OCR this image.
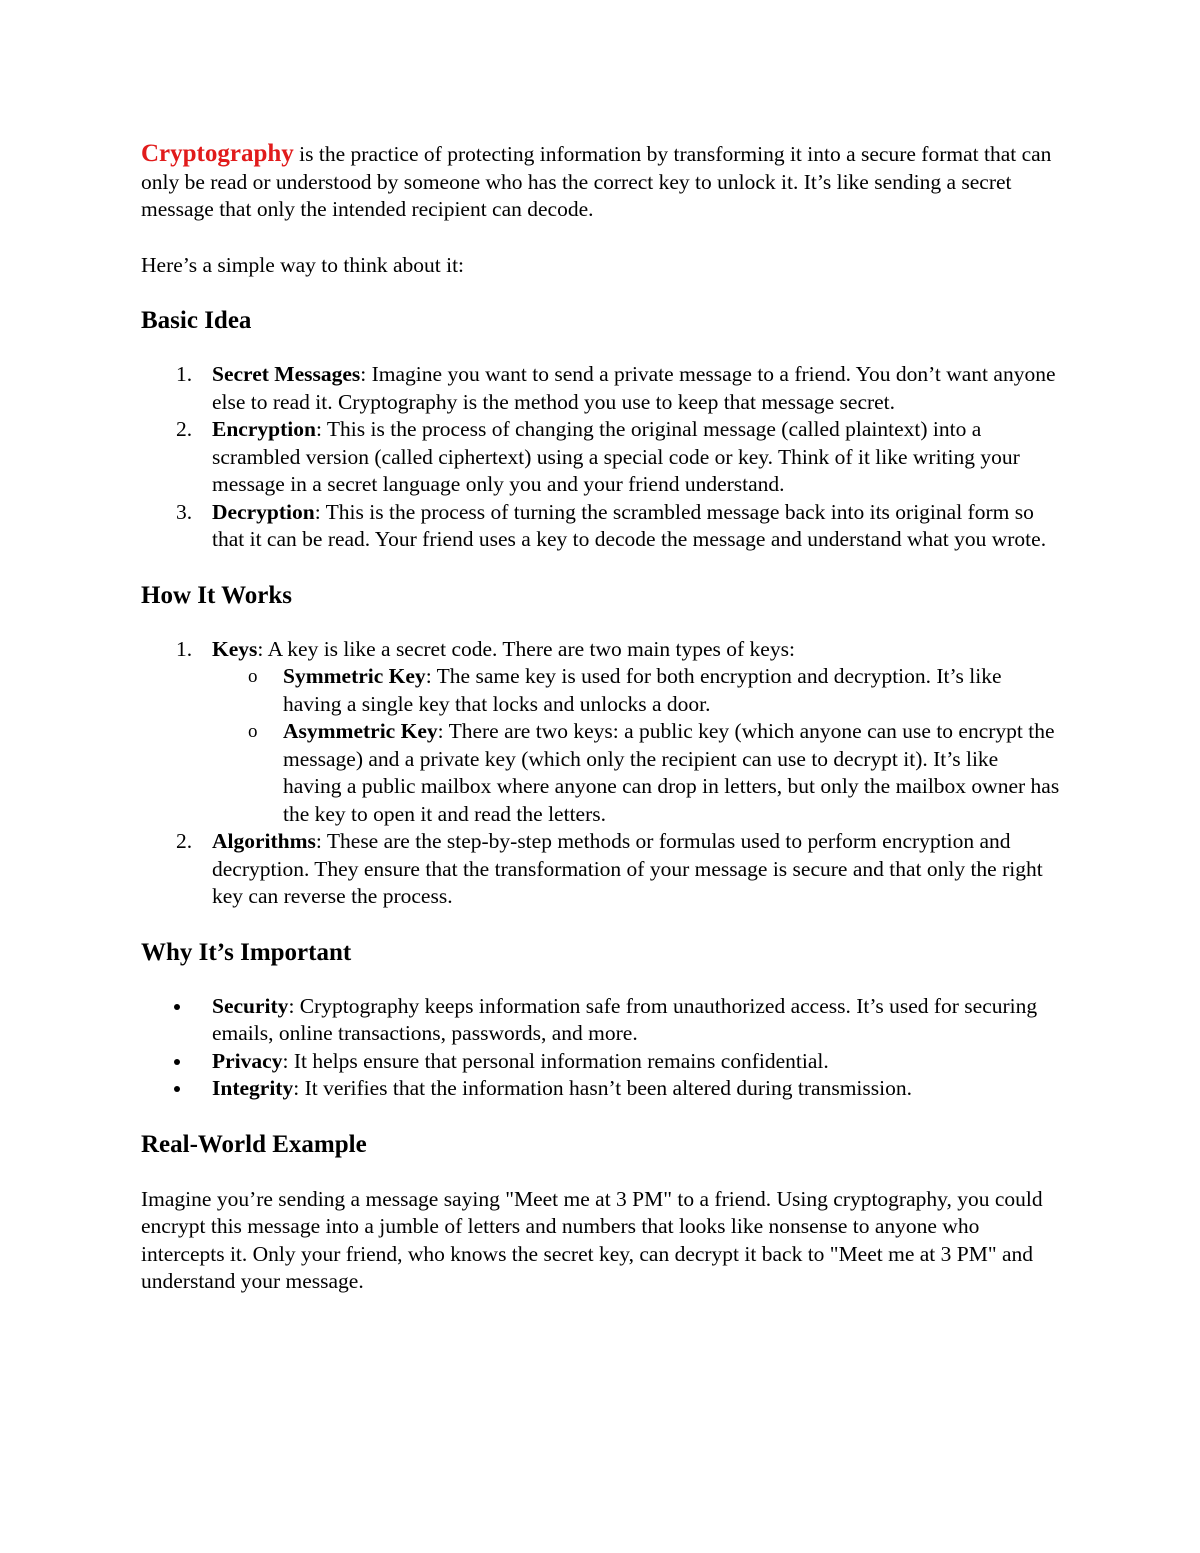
Cryptography is the practice of protecting information by transforming it into a secure format that can only be read or understood by someone who has the correct key to unlock it. It’s like sending a secret message that only the intended recipient can decode.

Here’s a simple way to think about it:

Basic Idea
1. Secret Messages: Imagine you want to send a private message to a friend. You don’t want anyone else to read it. Cryptography is the method you use to keep that message secret.
2. Encryption: This is the process of changing the original message (called plaintext) into a scrambled version (called ciphertext) using a special code or key. Think of it like writing your message in a secret language only you and your friend understand.
3. Decryption: This is the process of turning the scrambled message back into its original form so that it can be read. Your friend uses a key to decode the message and understand what you wrote.
How It Works
1. Keys: A key is like a secret code. There are two main types of keys:
o Symmetric Key: The same key is used for both encryption and decryption. It’s like having a single key that locks and unlocks a door.
o Asymmetric Key: There are two keys: a public key (which anyone can use to encrypt the message) and a private key (which only the recipient can use to decrypt it). It’s like having a public mailbox where anyone can drop in letters, but only the mailbox owner has the key to open it and read the letters.
2. Algorithms: These are the step-by-step methods or formulas used to perform encryption and decryption. They ensure that the transformation of your message is secure and that only the right key can reverse the process.
Why It’s Important
Security: Cryptography keeps information safe from unauthorized access. It’s used for securing emails, online transactions, passwords, and more.
Privacy: It helps ensure that personal information remains confidential.
Integrity: It verifies that the information hasn’t been altered during transmission.
Real-World Example

Imagine you’re sending a message saying "Meet me at 3 PM" to a friend. Using cryptography, you could encrypt this message into a jumble of letters and numbers that looks like nonsense to anyone who intercepts it. Only your friend, who knows the secret key, can decrypt it back to "Meet me at 3 PM" and understand your message.
